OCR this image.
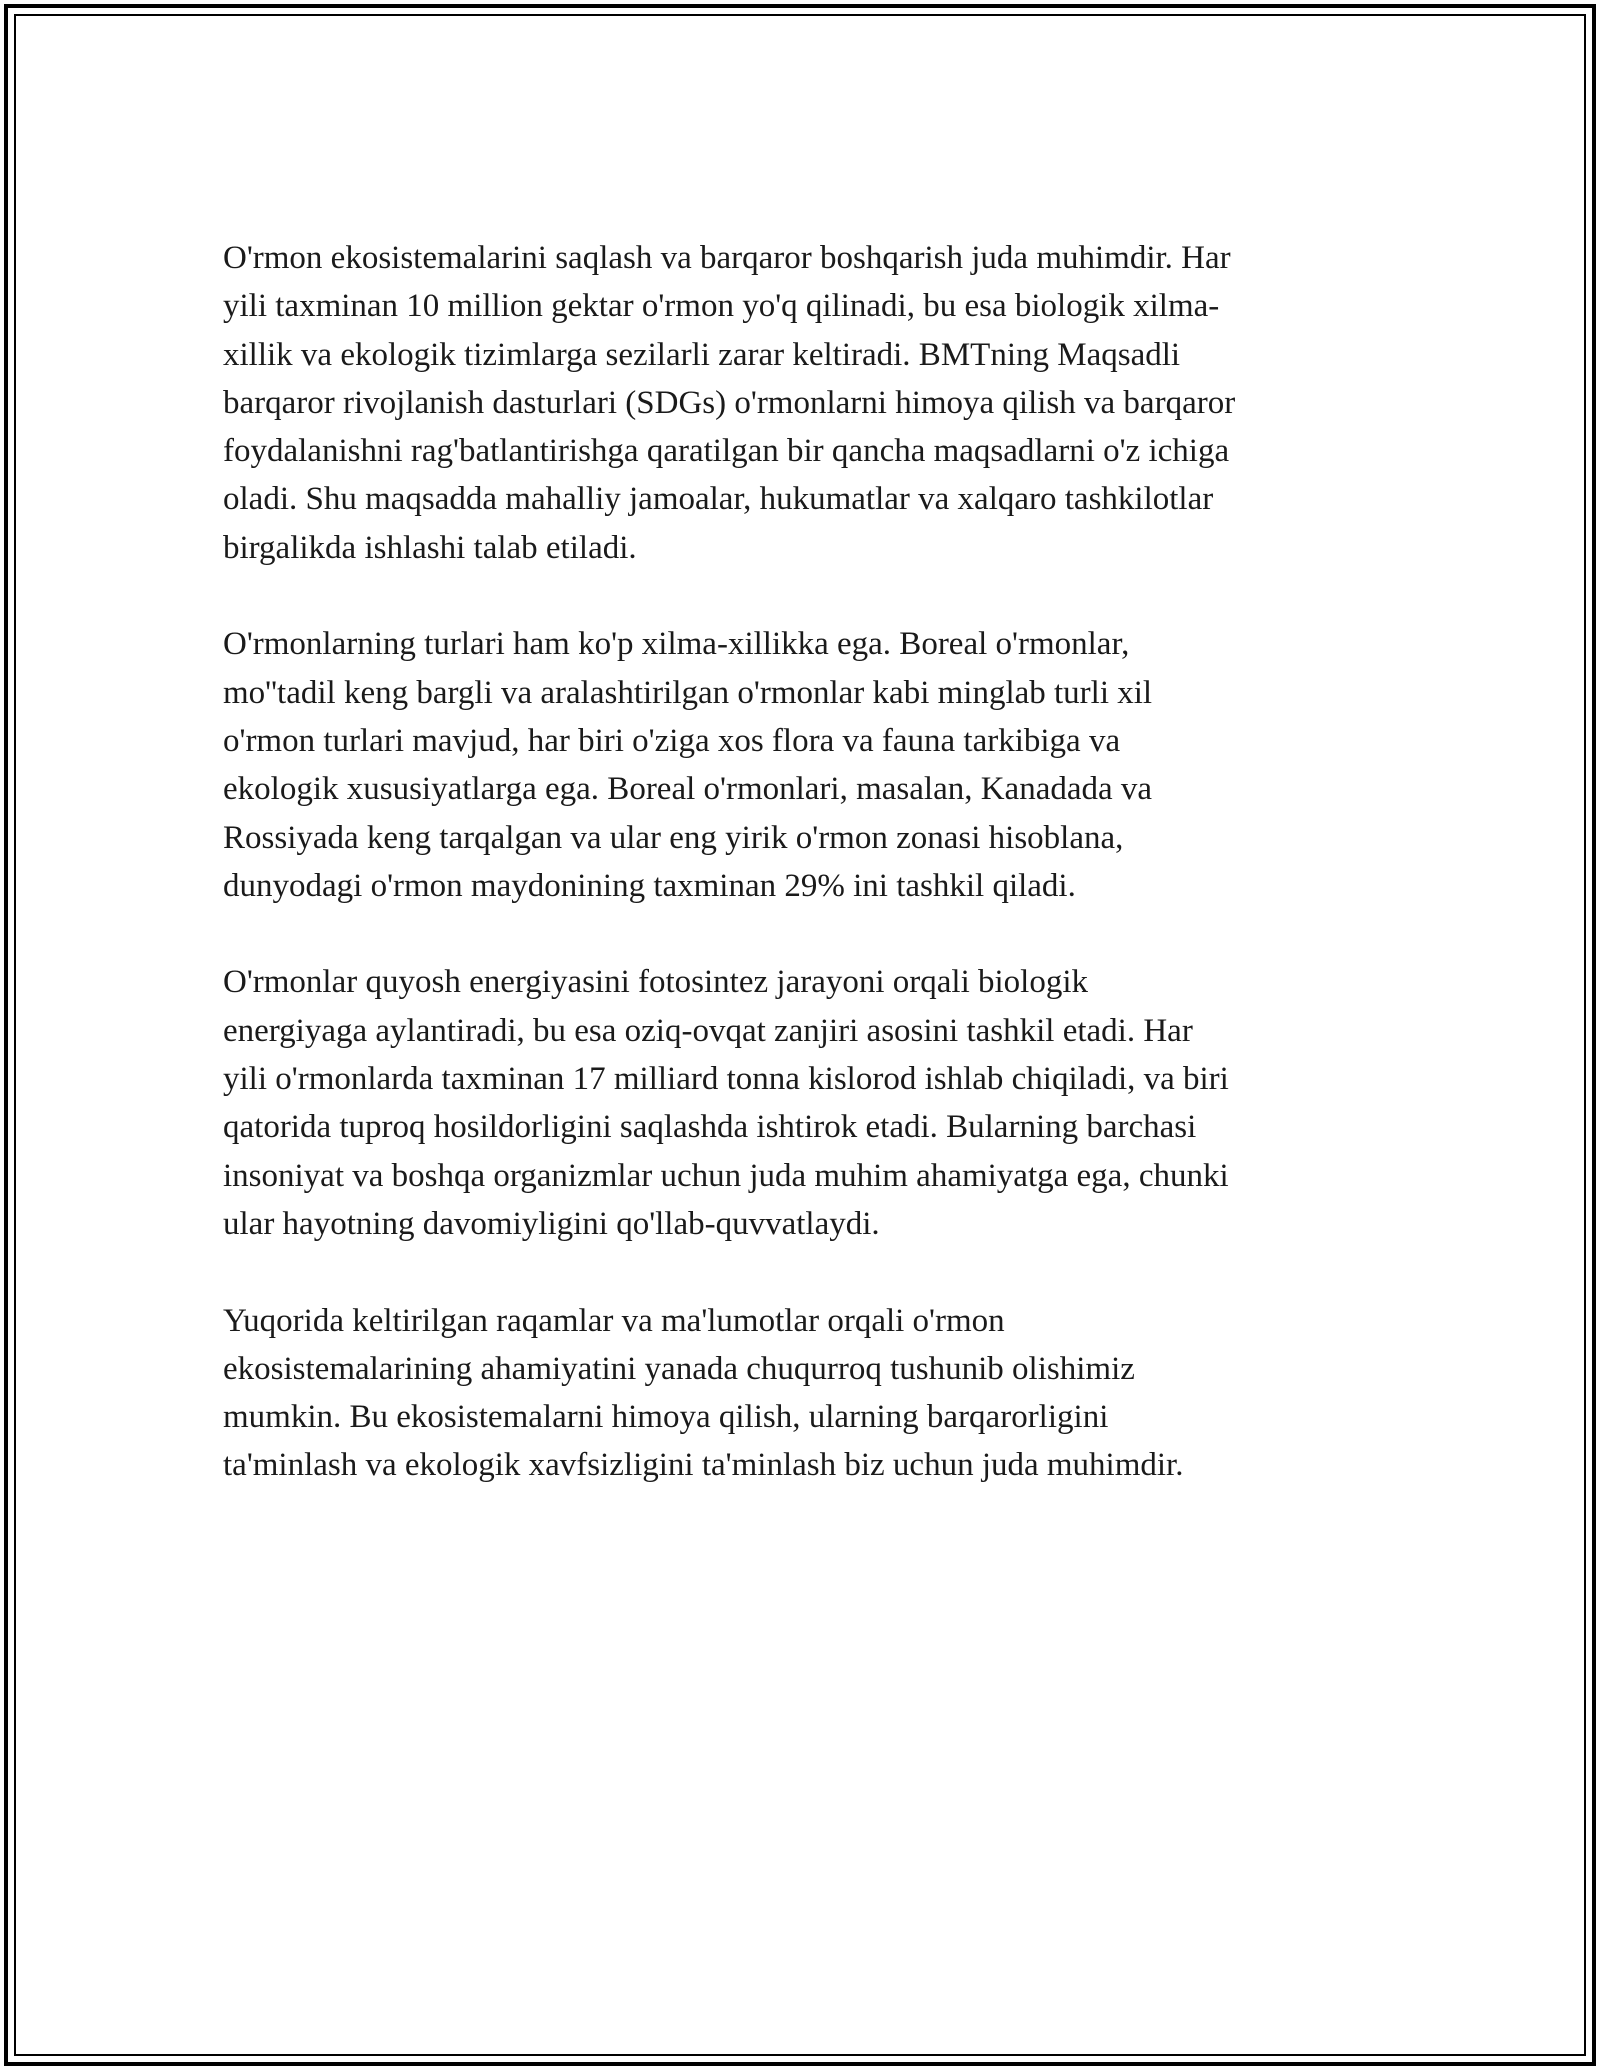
O'rmon ekosistemalarini saqlash va barqaror boshqarish juda muhimdir. Har
yili taxminan 10 million gektar o'rmon yo'q qilinadi, bu esa biologik xilma-
xillik va ekologik tizimlarga sezilarli zarar keltiradi. BMTning Maqsadli
barqaror rivojlanish dasturlari (SDGs) o'rmonlarni himoya qilish va barqaror
foydalanishni rag'batlantirishga qaratilgan bir qancha maqsadlarni o'z ichiga
oladi. Shu maqsadda mahalliy jamoalar, hukumatlar va xalqaro tashkilotlar
birgalikda ishlashi talab etiladi.

O'rmonlarning turlari ham ko'p xilma-xillikka ega. Boreal o'rmonlar,
mo''tadil keng bargli va aralashtirilgan o'rmonlar kabi minglab turli xil
o'rmon turlari mavjud, har biri o'ziga xos flora va fauna tarkibiga va
ekologik xususiyatlarga ega. Boreal o'rmonlari, masalan, Kanadada va
Rossiyada keng tarqalgan va ular eng yirik o'rmon zonasi hisoblana,
dunyodagi o'rmon maydonining taxminan 29% ini tashkil qiladi.

O'rmonlar quyosh energiyasini fotosintez jarayoni orqali biologik
energiyaga aylantiradi, bu esa oziq-ovqat zanjiri asosini tashkil etadi. Har
yili o'rmonlarda taxminan 17 milliard tonna kislorod ishlab chiqiladi, va biri
qatorida tuproq hosildorligini saqlashda ishtirok etadi. Bularning barchasi
insoniyat va boshqa organizmlar uchun juda muhim ahamiyatga ega, chunki
ular hayotning davomiyligini qo'llab-quvvatlaydi.

Yuqorida keltirilgan raqamlar va ma'lumotlar orqali o'rmon
ekosistemalarining ahamiyatini yanada chuqurroq tushunib olishimiz
mumkin. Bu ekosistemalarni himoya qilish, ularning barqarorligini
ta'minlash va ekologik xavfsizligini ta'minlash biz uchun juda muhimdir.
